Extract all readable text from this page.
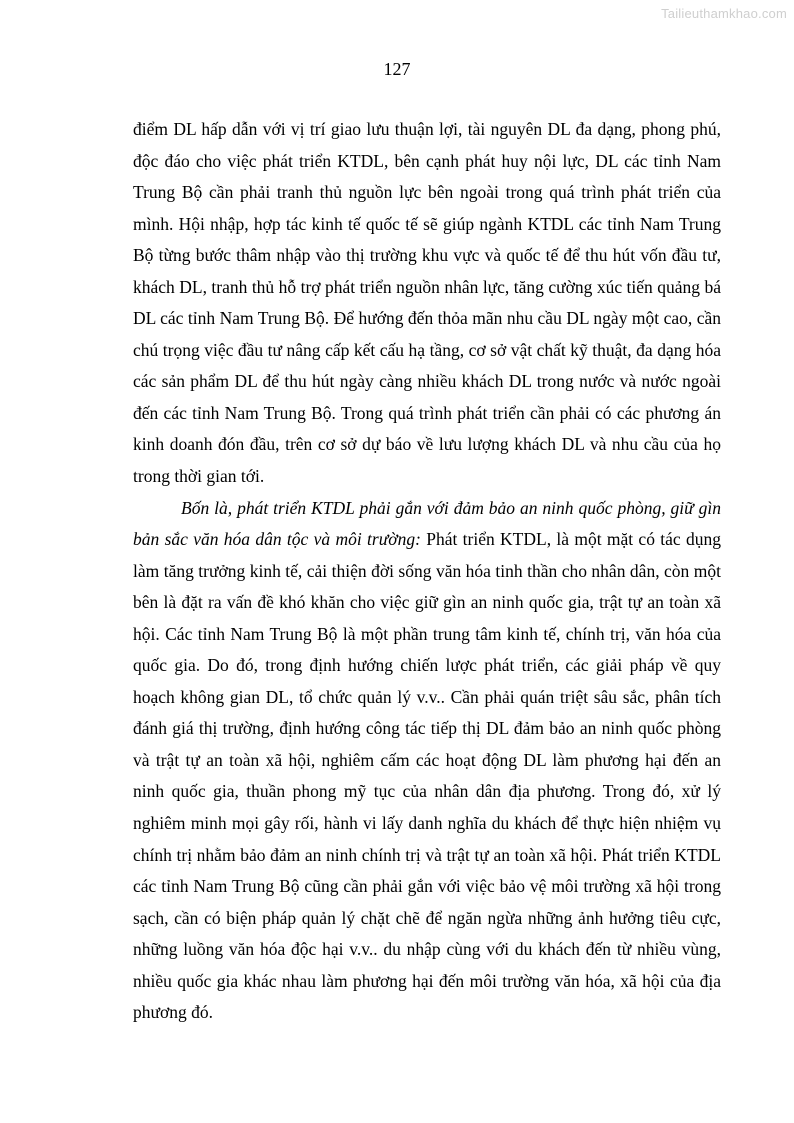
Tailieuthamkhao.com
127

điểm DL hấp dẫn với vị trí giao lưu thuận lợi, tài nguyên DL đa dạng, phong phú, độc đáo cho việc phát triển KTDL, bên cạnh phát huy nội lực, DL các tỉnh Nam Trung Bộ cần phải tranh thủ nguồn lực bên ngoài trong quá trình phát triển của mình. Hội nhập, hợp tác kinh tế quốc tế sẽ giúp ngành KTDL các tỉnh Nam Trung Bộ từng bước thâm nhập vào thị trường khu vực và quốc tế để thu hút vốn đầu tư, khách DL, tranh thủ hỗ trợ phát triển nguồn nhân lực, tăng cường xúc tiến quảng bá DL các tỉnh Nam Trung Bộ. Để hướng đến thỏa mãn nhu cầu DL ngày một cao, cần chú trọng việc đầu tư nâng cấp kết cấu hạ tầng, cơ sở vật chất kỹ thuật, đa dạng hóa các sản phẩm DL để thu hút ngày càng nhiều khách DL trong nước và nước ngoài đến các tỉnh Nam Trung Bộ. Trong quá trình phát triển cần phải có các phương án kinh doanh đón đầu, trên cơ sở dự báo về lưu lượng khách DL và nhu cầu của họ trong thời gian tới.

Bốn là, phát triển KTDL phải gắn với đảm bảo an ninh quốc phòng, giữ gìn bản sắc văn hóa dân tộc và môi trường: Phát triển KTDL, là một mặt có tác dụng làm tăng trưởng kinh tế, cải thiện đời sống văn hóa tinh thần cho nhân dân, còn một bên là đặt ra vấn đề khó khăn cho việc giữ gìn an ninh quốc gia, trật tự an toàn xã hội. Các tỉnh Nam Trung Bộ là một phần trung tâm kinh tế, chính trị, văn hóa của quốc gia. Do đó, trong định hướng chiến lược phát triển, các giải pháp về quy hoạch không gian DL, tổ chức quản lý v.v.. Cần phải quán triệt sâu sắc, phân tích đánh giá thị trường, định hướng công tác tiếp thị DL đảm bảo an ninh quốc phòng và trật tự an toàn xã hội, nghiêm cấm các hoạt động DL làm phương hại đến an ninh quốc gia, thuần phong mỹ tục của nhân dân địa phương. Trong đó, xử lý nghiêm minh mọi gây rối, hành vi lấy danh nghĩa du khách để thực hiện nhiệm vụ chính trị nhằm bảo đảm an ninh chính trị và trật tự an toàn xã hội. Phát triển KTDL các tỉnh Nam Trung Bộ cũng cần phải gắn với việc bảo vệ môi trường xã hội trong sạch, cần có biện pháp quản lý chặt chẽ để ngăn ngừa những ảnh hưởng tiêu cực, những luồng văn hóa độc hại v.v.. du nhập cùng với du khách đến từ nhiều vùng, nhiều quốc gia khác nhau làm phương hại đến môi trường văn hóa, xã hội của địa phương đó.
